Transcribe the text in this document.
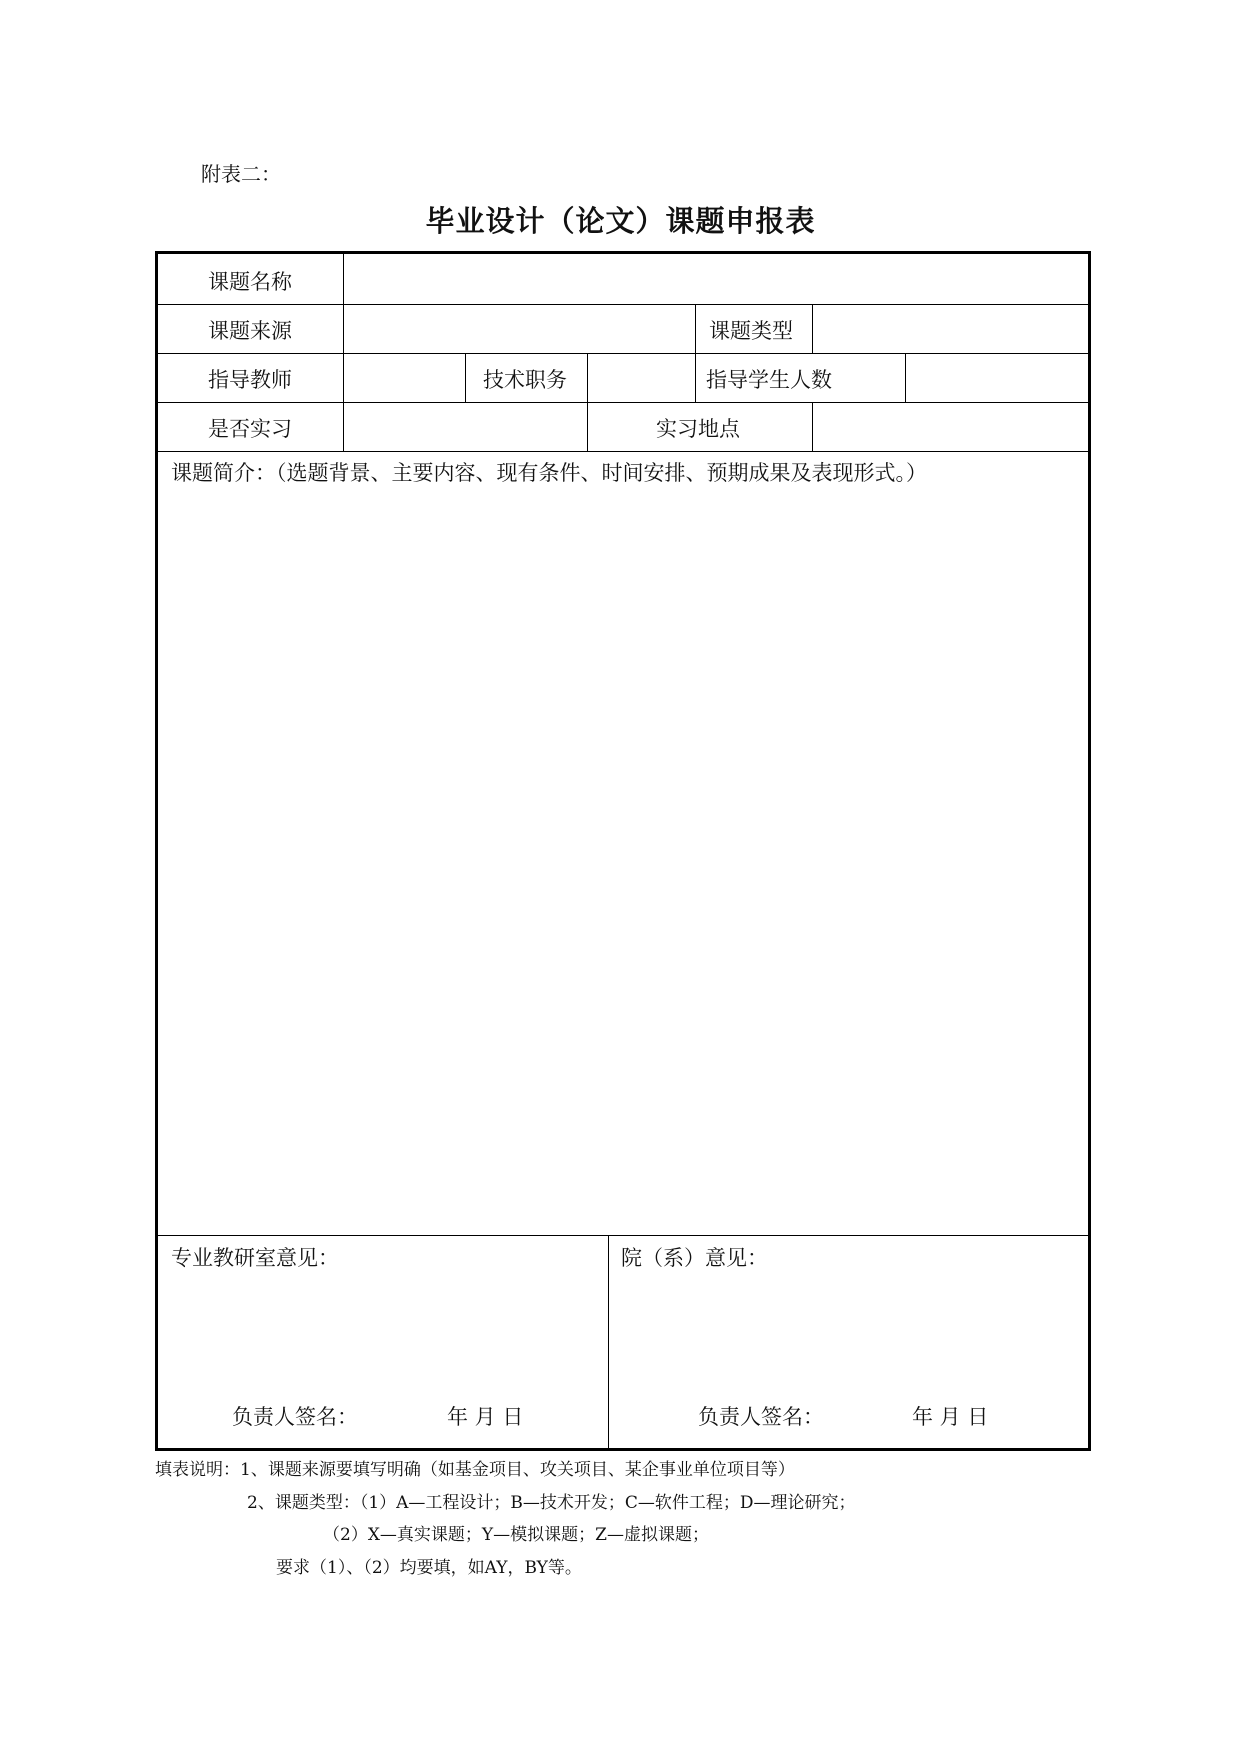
附表二：
毕业设计（论文）课题申报表
课题名称
课题来源	课题类型
指导教师	技术职务	指导学生人数
是否实习	实习地点
课题简介：（选题背景、主要内容、现有条件、时间安排、预期成果及表现形式。）
专业教研室意见：
负责人签名：	年 月 日
院（系）意见：
负责人签名：	年 月 日
填表说明：1、课题来源要填写明确（如基金项目、攻关项目、某企事业单位项目等）
2、课题类型：（1）A—工程设计；B—技术开发；C—软件工程；D—理论研究；
（2）X—真实课题；Y—模拟课题；Z—虚拟课题；
要求（1）、（2）均要填，如AY，BY等。
